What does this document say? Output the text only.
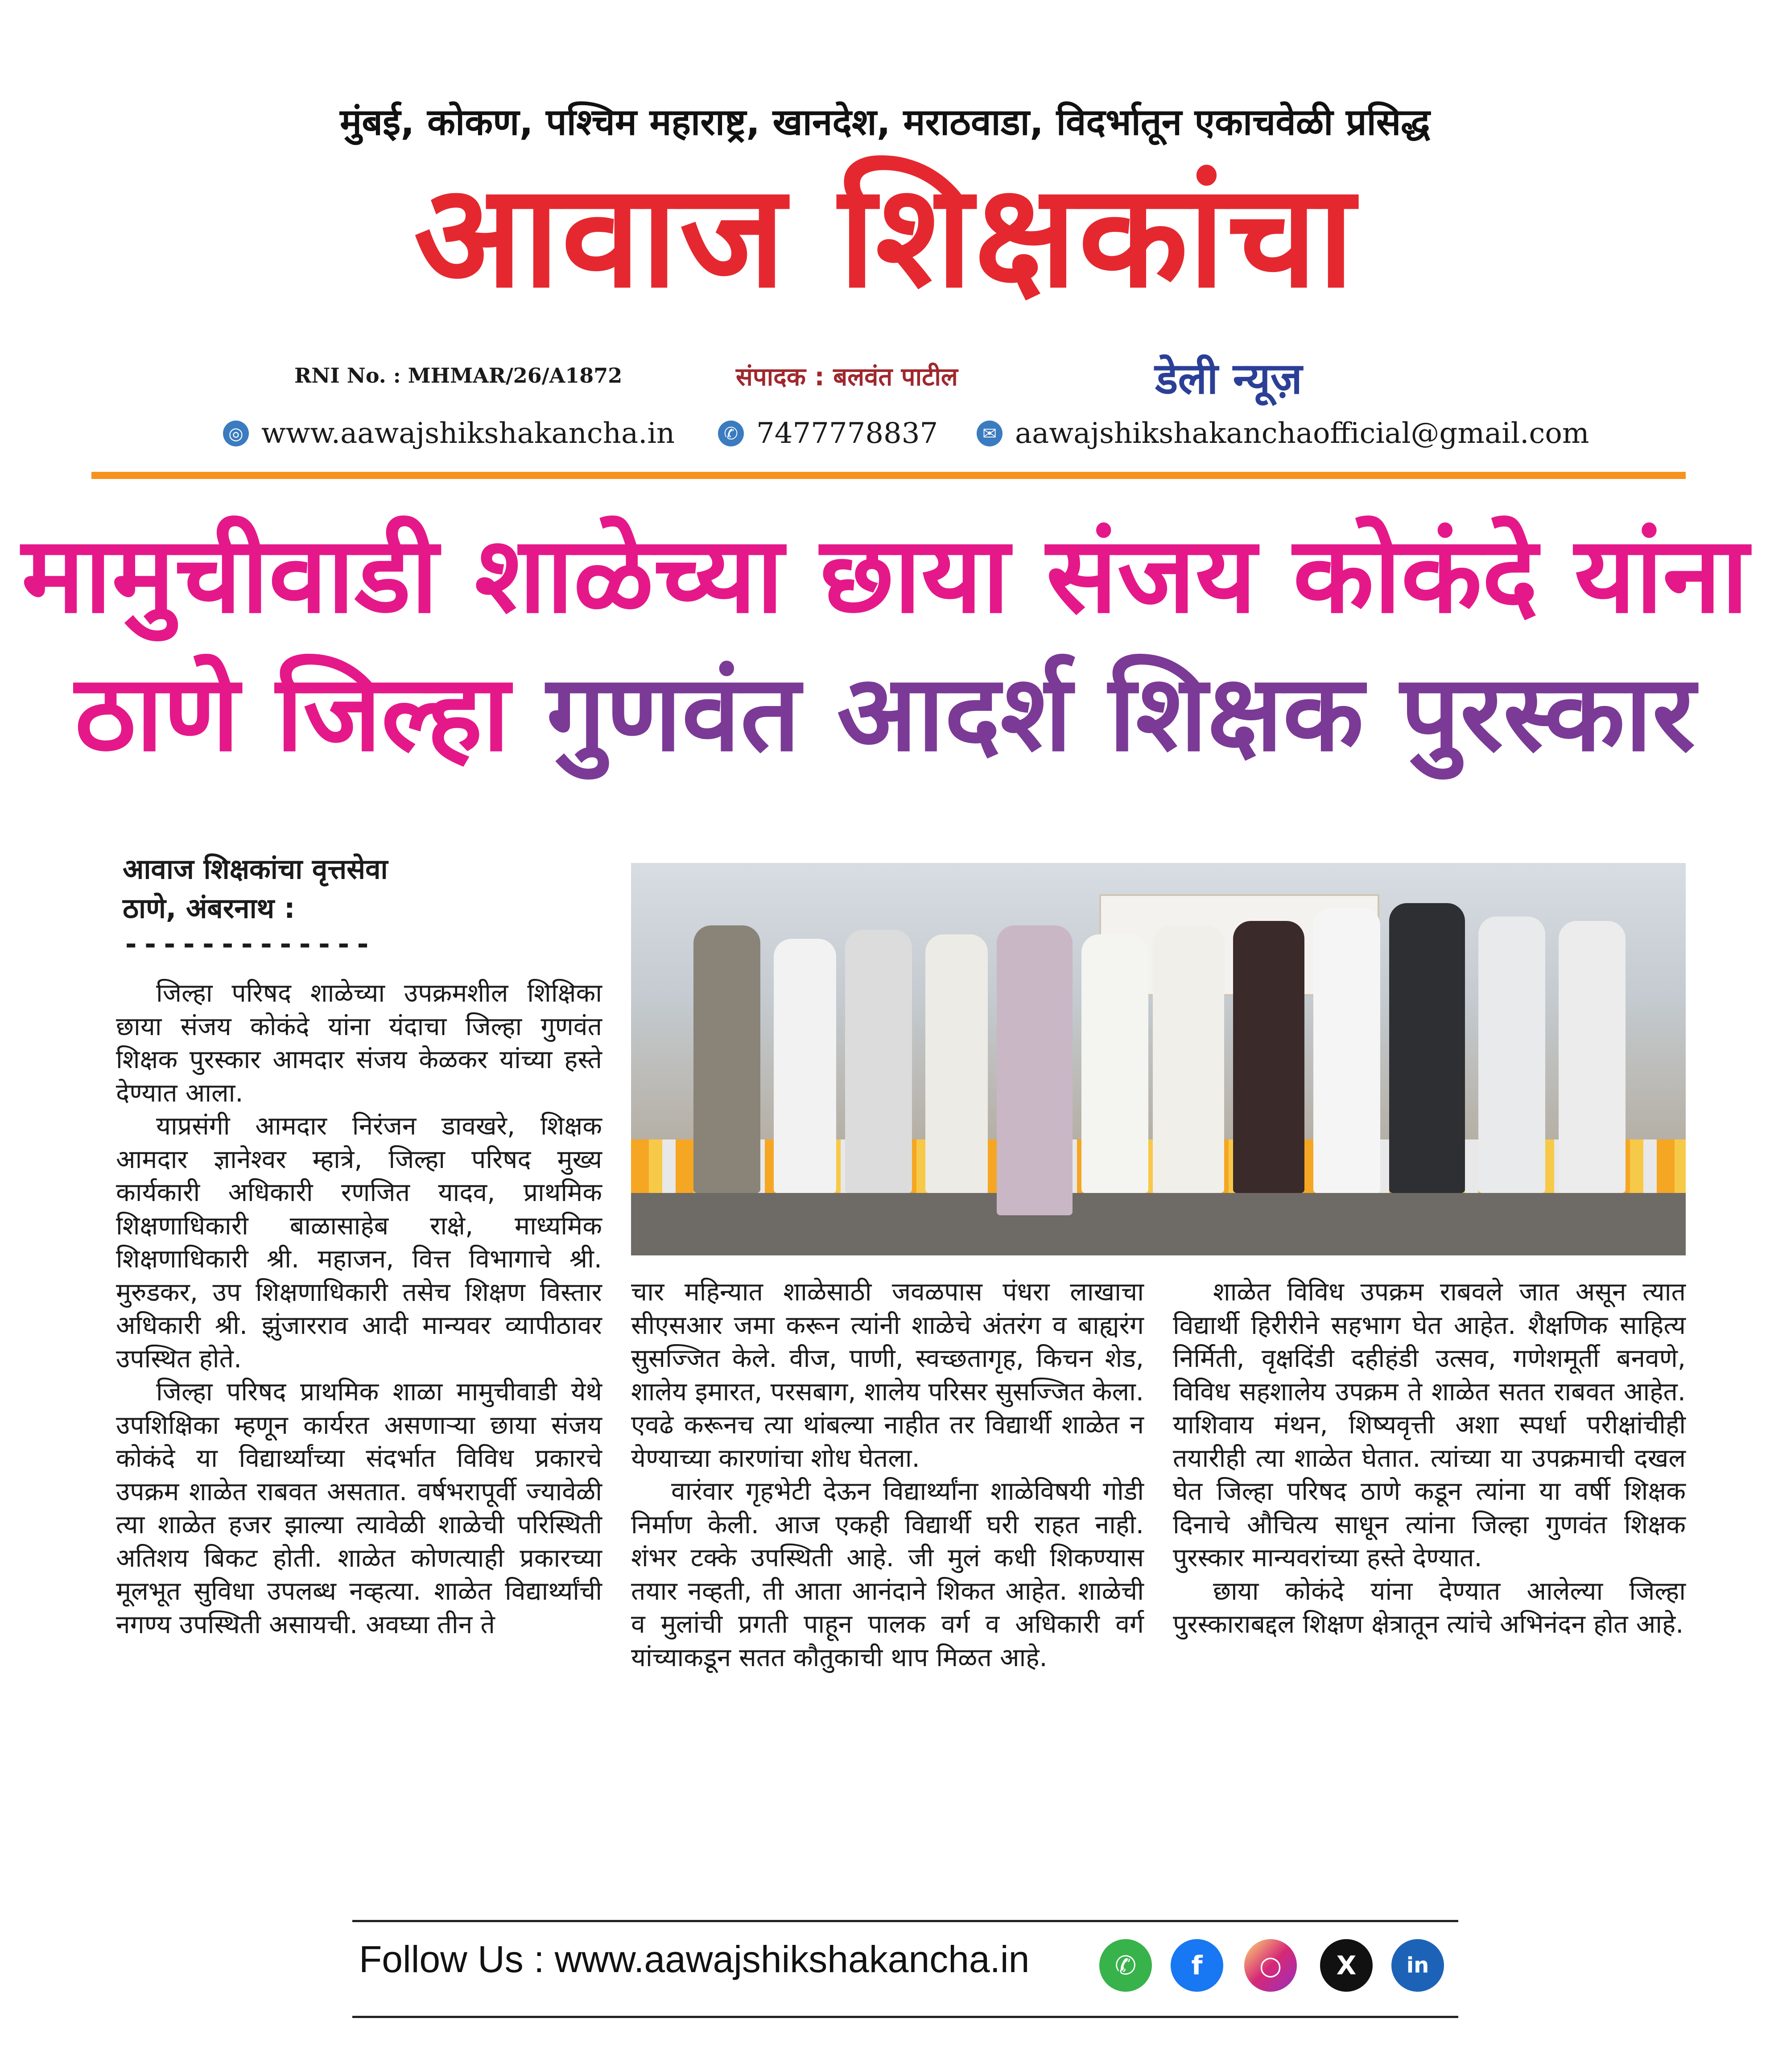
मुंबई, कोकण, पश्चिम महाराष्ट्र, खानदेश, मराठवाडा, विदर्भातून एकाचवेळी प्रसिद्ध
आवाज शिक्षकांचा
RNI No. : MHMAR/26/A1872	संपादक : बलवंत पाटील	डेली न्यूज़
◎ www.aawajshikshakancha.in	✆ 7477778837	✉ aawajshikshakanchaofficial@gmail.com
मामुचीवाडी शाळेच्या छाया संजय कोकंदे यांना
ठाणे जिल्हा गुणवंत आदर्श शिक्षक पुरस्कार
आवाज शिक्षकांचा वृत्तसेवा
ठाणे, अंबरनाथ :
-------------

जिल्हा परिषद शाळेच्या उपक्रमशील शिक्षिका छाया संजय कोकंदे यांना यंदाचा जिल्हा गुणवंत शिक्षक पुरस्कार आमदार संजय केळकर यांच्या हस्ते देण्यात आला.

याप्रसंगी आमदार निरंजन डावखरे, शिक्षक आमदार ज्ञानेश्वर म्हात्रे, जिल्हा परिषद मुख्य कार्यकारी अधिकारी रणजित यादव, प्राथमिक शिक्षणाधिकारी बाळासाहेब राक्षे, माध्यमिक शिक्षणाधिकारी श्री. महाजन, वित्त विभागाचे श्री. मुरुडकर, उप शिक्षणाधिकारी तसेच शिक्षण विस्तार अधिकारी श्री. झुंजारराव आदी मान्यवर व्यापीठावर उपस्थित होते.

जिल्हा परिषद प्राथमिक शाळा मामुचीवाडी येथे उपशिक्षिका म्हणून कार्यरत असणाऱ्या छाया संजय कोकंदे या विद्यार्थ्यांच्या संदर्भात विविध प्रकारचे उपक्रम शाळेत राबवत असतात. वर्षभरापूर्वी ज्यावेळी त्या शाळेत हजर झाल्या त्यावेळी शाळेची परिस्थिती अतिशय बिकट होती. शाळेत कोणत्याही प्रकारच्या मूलभूत सुविधा उपलब्ध नव्हत्या. शाळेत विद्यार्थ्यांची नगण्य उपस्थिती असायची. अवघ्या तीन ते

चार महिन्यात शाळेसाठी जवळपास पंधरा लाखाचा सीएसआर जमा करून त्यांनी शाळेचे अंतरंग व बाह्यरंग सुसज्जित केले. वीज, पाणी, स्वच्छतागृह, किचन शेड, शालेय इमारत, परसबाग, शालेय परिसर सुसज्जित केला. एवढे करूनच त्या थांबल्या नाहीत तर विद्यार्थी शाळेत न येण्याच्या कारणांचा शोध घेतला.

वारंवार गृहभेटी देऊन विद्यार्थ्यांना शाळेविषयी गोडी निर्माण केली. आज एकही विद्यार्थी घरी राहत नाही. शंभर टक्के उपस्थिती आहे. जी मुलं कधी शिकण्यास तयार नव्हती, ती आता आनंदाने शिकत आहेत. शाळेची व मुलांची प्रगती पाहून पालक वर्ग व अधिकारी वर्ग यांच्याकडून सतत कौतुकाची थाप मिळत आहे.

शाळेत विविध उपक्रम राबवले जात असून त्यात विद्यार्थी हिरीरीने सहभाग घेत आहेत. शैक्षणिक साहित्य निर्मिती, वृक्षदिंडी दहीहंडी उत्सव, गणेशमूर्ती बनवणे, विविध सहशालेय उपक्रम ते शाळेत सतत राबवत आहेत. याशिवाय मंथन, शिष्यवृत्ती अशा स्पर्धा परीक्षांचीही तयारीही त्या शाळेत घेतात. त्यांच्या या उपक्रमाची दखल घेत जिल्हा परिषद ठाणे कडून त्यांना या वर्षी शिक्षक दिनाचे औचित्य साधून त्यांना जिल्हा गुणवंत शिक्षक पुरस्कार मान्यवरांच्या हस्ते देण्यात.

छाया कोकंदे यांना देण्यात आलेल्या जिल्हा पुरस्काराबद्दल शिक्षण क्षेत्रातून त्यांचे अभिनंदन होत आहे.

Follow Us : www.aawajshikshakancha.in	✆	f	○	X	in
